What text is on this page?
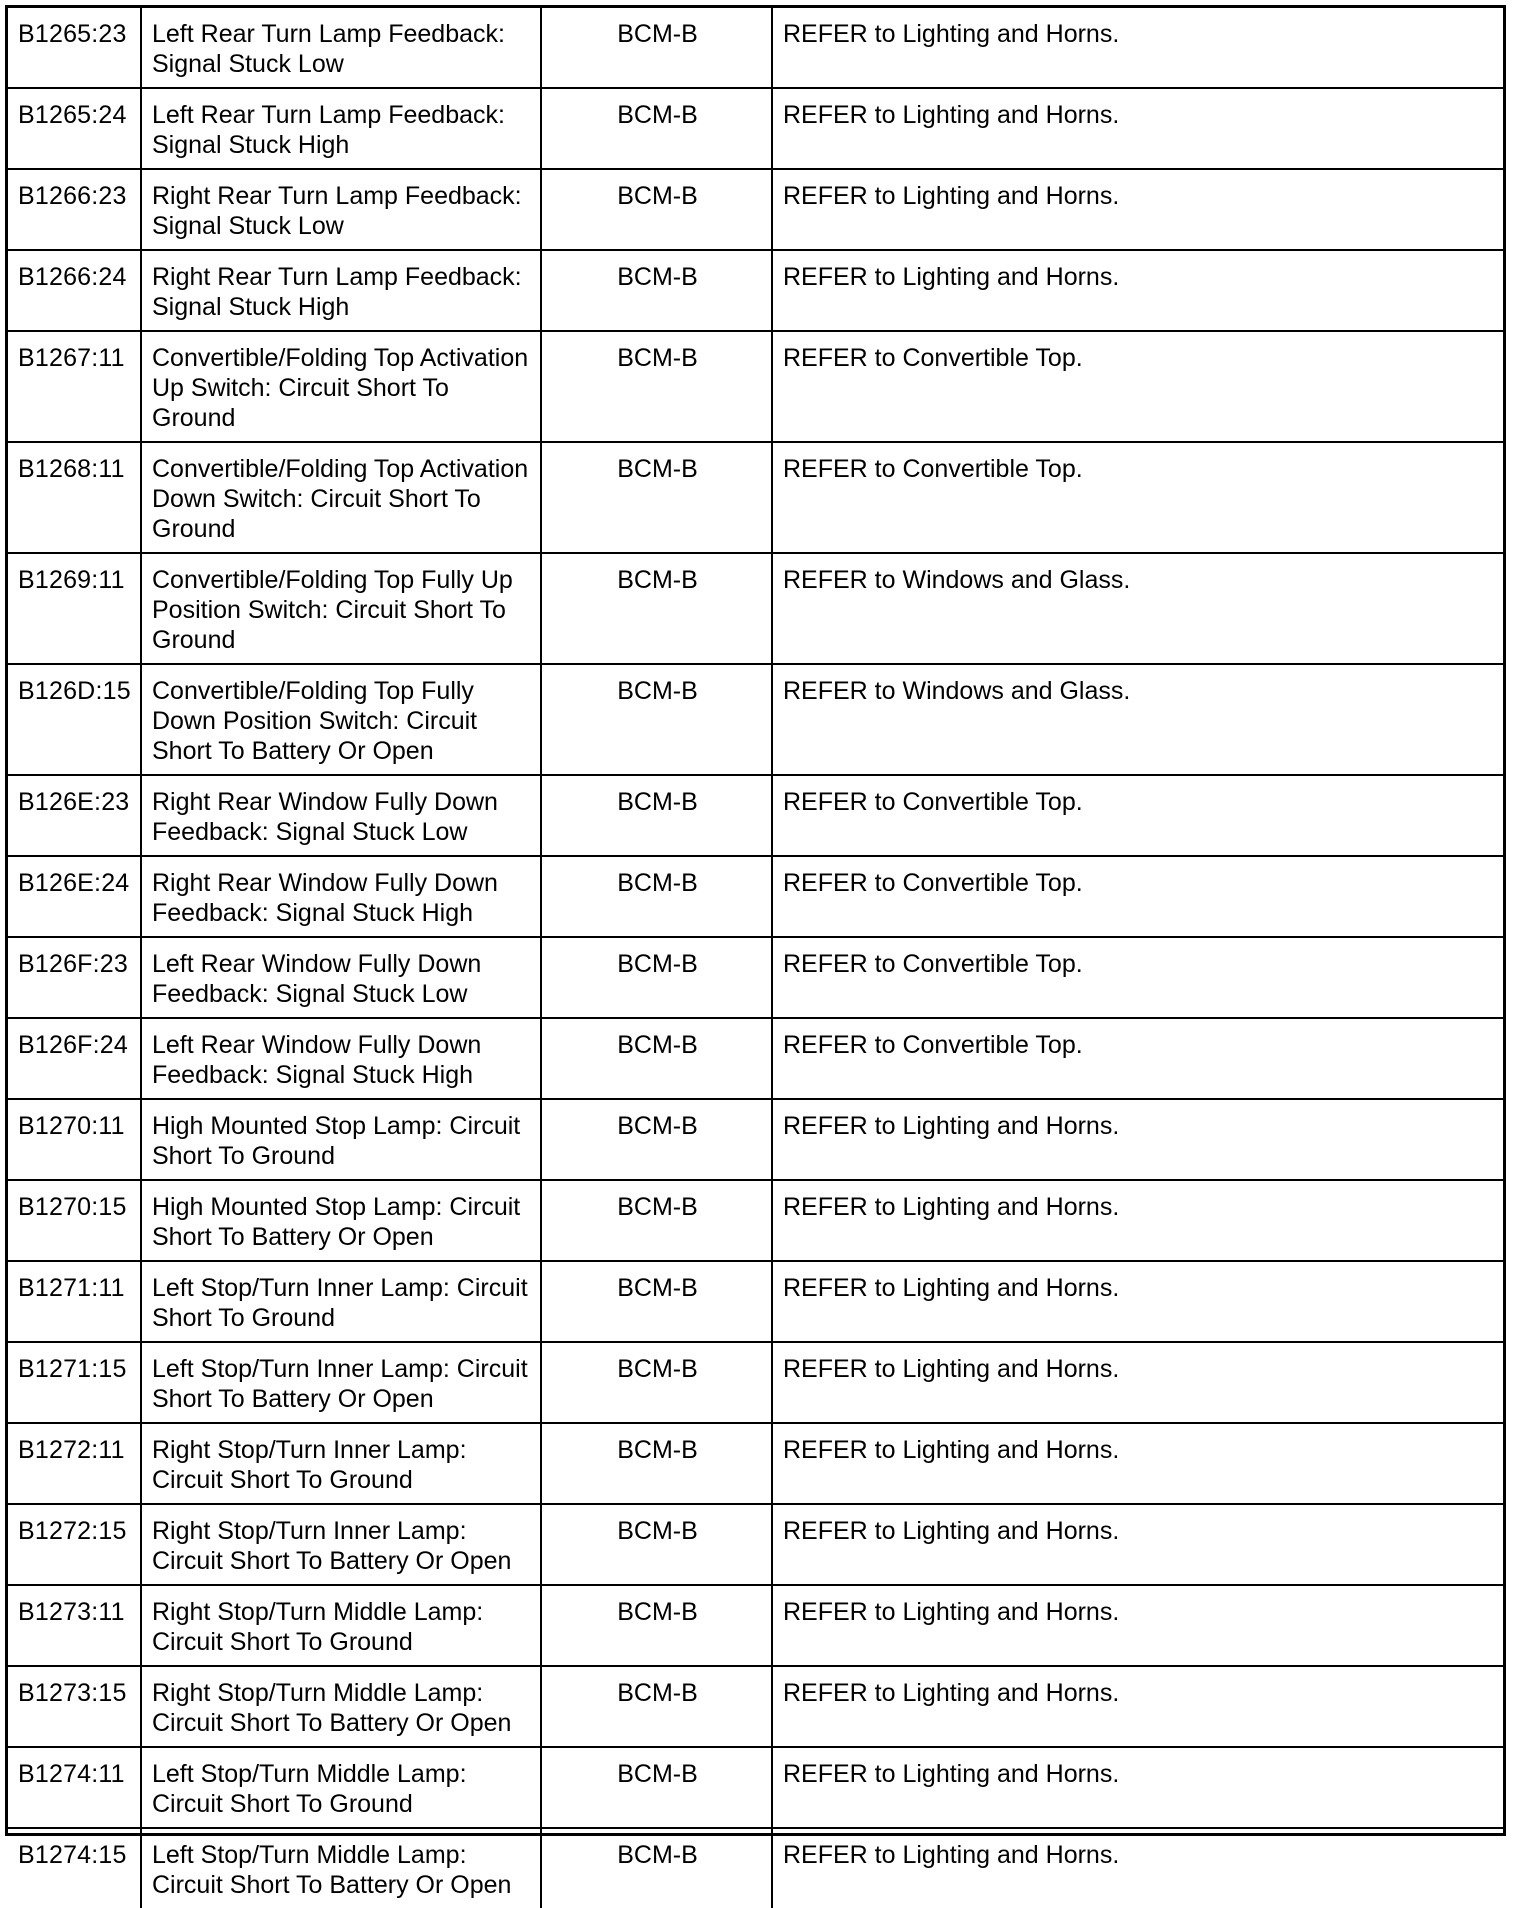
B1265:23	Left Rear Turn Lamp Feedback: Signal Stuck Low	BCM-B	REFER to Lighting and Horns.
B1265:24	Left Rear Turn Lamp Feedback: Signal Stuck High	BCM-B	REFER to Lighting and Horns.
B1266:23	Right Rear Turn Lamp Feedback: Signal Stuck Low	BCM-B	REFER to Lighting and Horns.
B1266:24	Right Rear Turn Lamp Feedback: Signal Stuck High	BCM-B	REFER to Lighting and Horns.
B1267:11	Convertible/Folding Top Activation Up Switch: Circuit Short To Ground	BCM-B	REFER to Convertible Top.
B1268:11	Convertible/Folding Top Activation Down Switch: Circuit Short To Ground	BCM-B	REFER to Convertible Top.
B1269:11	Convertible/Folding Top Fully Up Position Switch: Circuit Short To Ground	BCM-B	REFER to Windows and Glass.
B126D:15	Convertible/Folding Top Fully Down Position Switch: Circuit Short To Battery Or Open	BCM-B	REFER to Windows and Glass.
B126E:23	Right Rear Window Fully Down Feedback: Signal Stuck Low	BCM-B	REFER to Convertible Top.
B126E:24	Right Rear Window Fully Down Feedback: Signal Stuck High	BCM-B	REFER to Convertible Top.
B126F:23	Left Rear Window Fully Down Feedback: Signal Stuck Low	BCM-B	REFER to Convertible Top.
B126F:24	Left Rear Window Fully Down Feedback: Signal Stuck High	BCM-B	REFER to Convertible Top.
B1270:11	High Mounted Stop Lamp: Circuit Short To Ground	BCM-B	REFER to Lighting and Horns.
B1270:15	High Mounted Stop Lamp: Circuit Short To Battery Or Open	BCM-B	REFER to Lighting and Horns.
B1271:11	Left Stop/Turn Inner Lamp: Circuit Short To Ground	BCM-B	REFER to Lighting and Horns.
B1271:15	Left Stop/Turn Inner Lamp: Circuit Short To Battery Or Open	BCM-B	REFER to Lighting and Horns.
B1272:11	Right Stop/Turn Inner Lamp: Circuit Short To Ground	BCM-B	REFER to Lighting and Horns.
B1272:15	Right Stop/Turn Inner Lamp: Circuit Short To Battery Or Open	BCM-B	REFER to Lighting and Horns.
B1273:11	Right Stop/Turn Middle Lamp: Circuit Short To Ground	BCM-B	REFER to Lighting and Horns.
B1273:15	Right Stop/Turn Middle Lamp: Circuit Short To Battery Or Open	BCM-B	REFER to Lighting and Horns.
B1274:11	Left Stop/Turn Middle Lamp: Circuit Short To Ground	BCM-B	REFER to Lighting and Horns.
B1274:15	Left Stop/Turn Middle Lamp: Circuit Short To Battery Or Open	BCM-B	REFER to Lighting and Horns.
